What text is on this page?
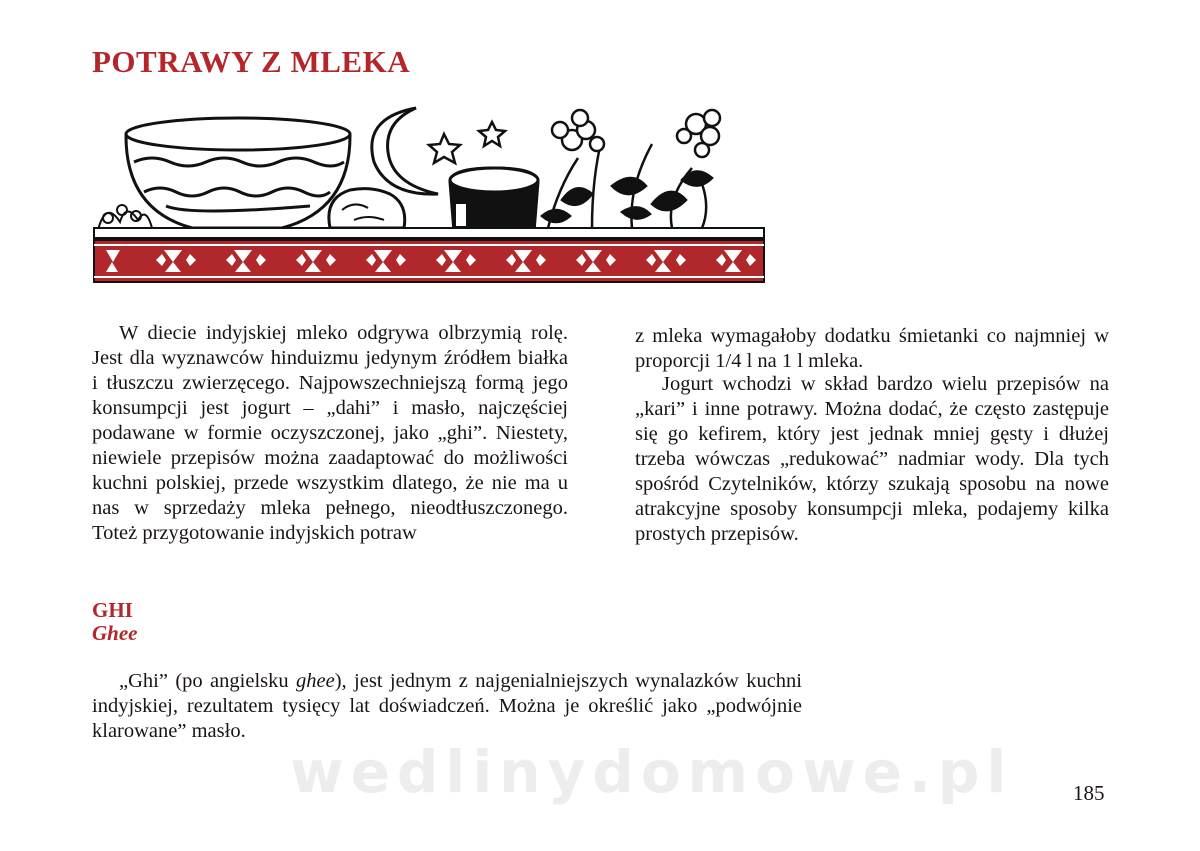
POTRAWY Z MLEKA

W diecie indyjskiej mleko odgrywa olbrzymią rolę. Jest dla wyznawców hinduizmu jedynym źródłem białka i tłuszczu zwierzęcego. Najpowszechniejszą formą jego konsumpcji jest jogurt – „dahi” i masło, najczęściej podawane w formie oczyszczonej, jako „ghi”. Niestety, niewiele przepisów można zaadaptować do możliwości kuchni polskiej, przede wszystkim dlatego, że nie ma u nas w sprzedaży mleka pełnego, nieodtłuszczonego. Toteż przygotowanie indyjskich potraw

z mleka wymagałoby dodatku śmietanki co najmniej w proporcji 1/4 l na 1 l mleka.

Jogurt wchodzi w skład bardzo wielu przepisów na „kari” i inne potrawy. Można dodać, że często zastępuje się go kefirem, który jest jednak mniej gęsty i dłużej trzeba wówczas „redukować” nadmiar wody. Dla tych spośród Czytelników, którzy szukają sposobu na nowe atrakcyjne sposoby konsumpcji mleka, podajemy kilka prostych przepisów.

GHI
Ghee

„Ghi” (po angielsku ghee), jest jednym z najgenialniejszych wynalazków kuchni indyjskiej, rezultatem tysięcy lat doświadczeń. Można je określić jako „podwójnie klarowane” masło.

wedlinydomowe.pl	185
